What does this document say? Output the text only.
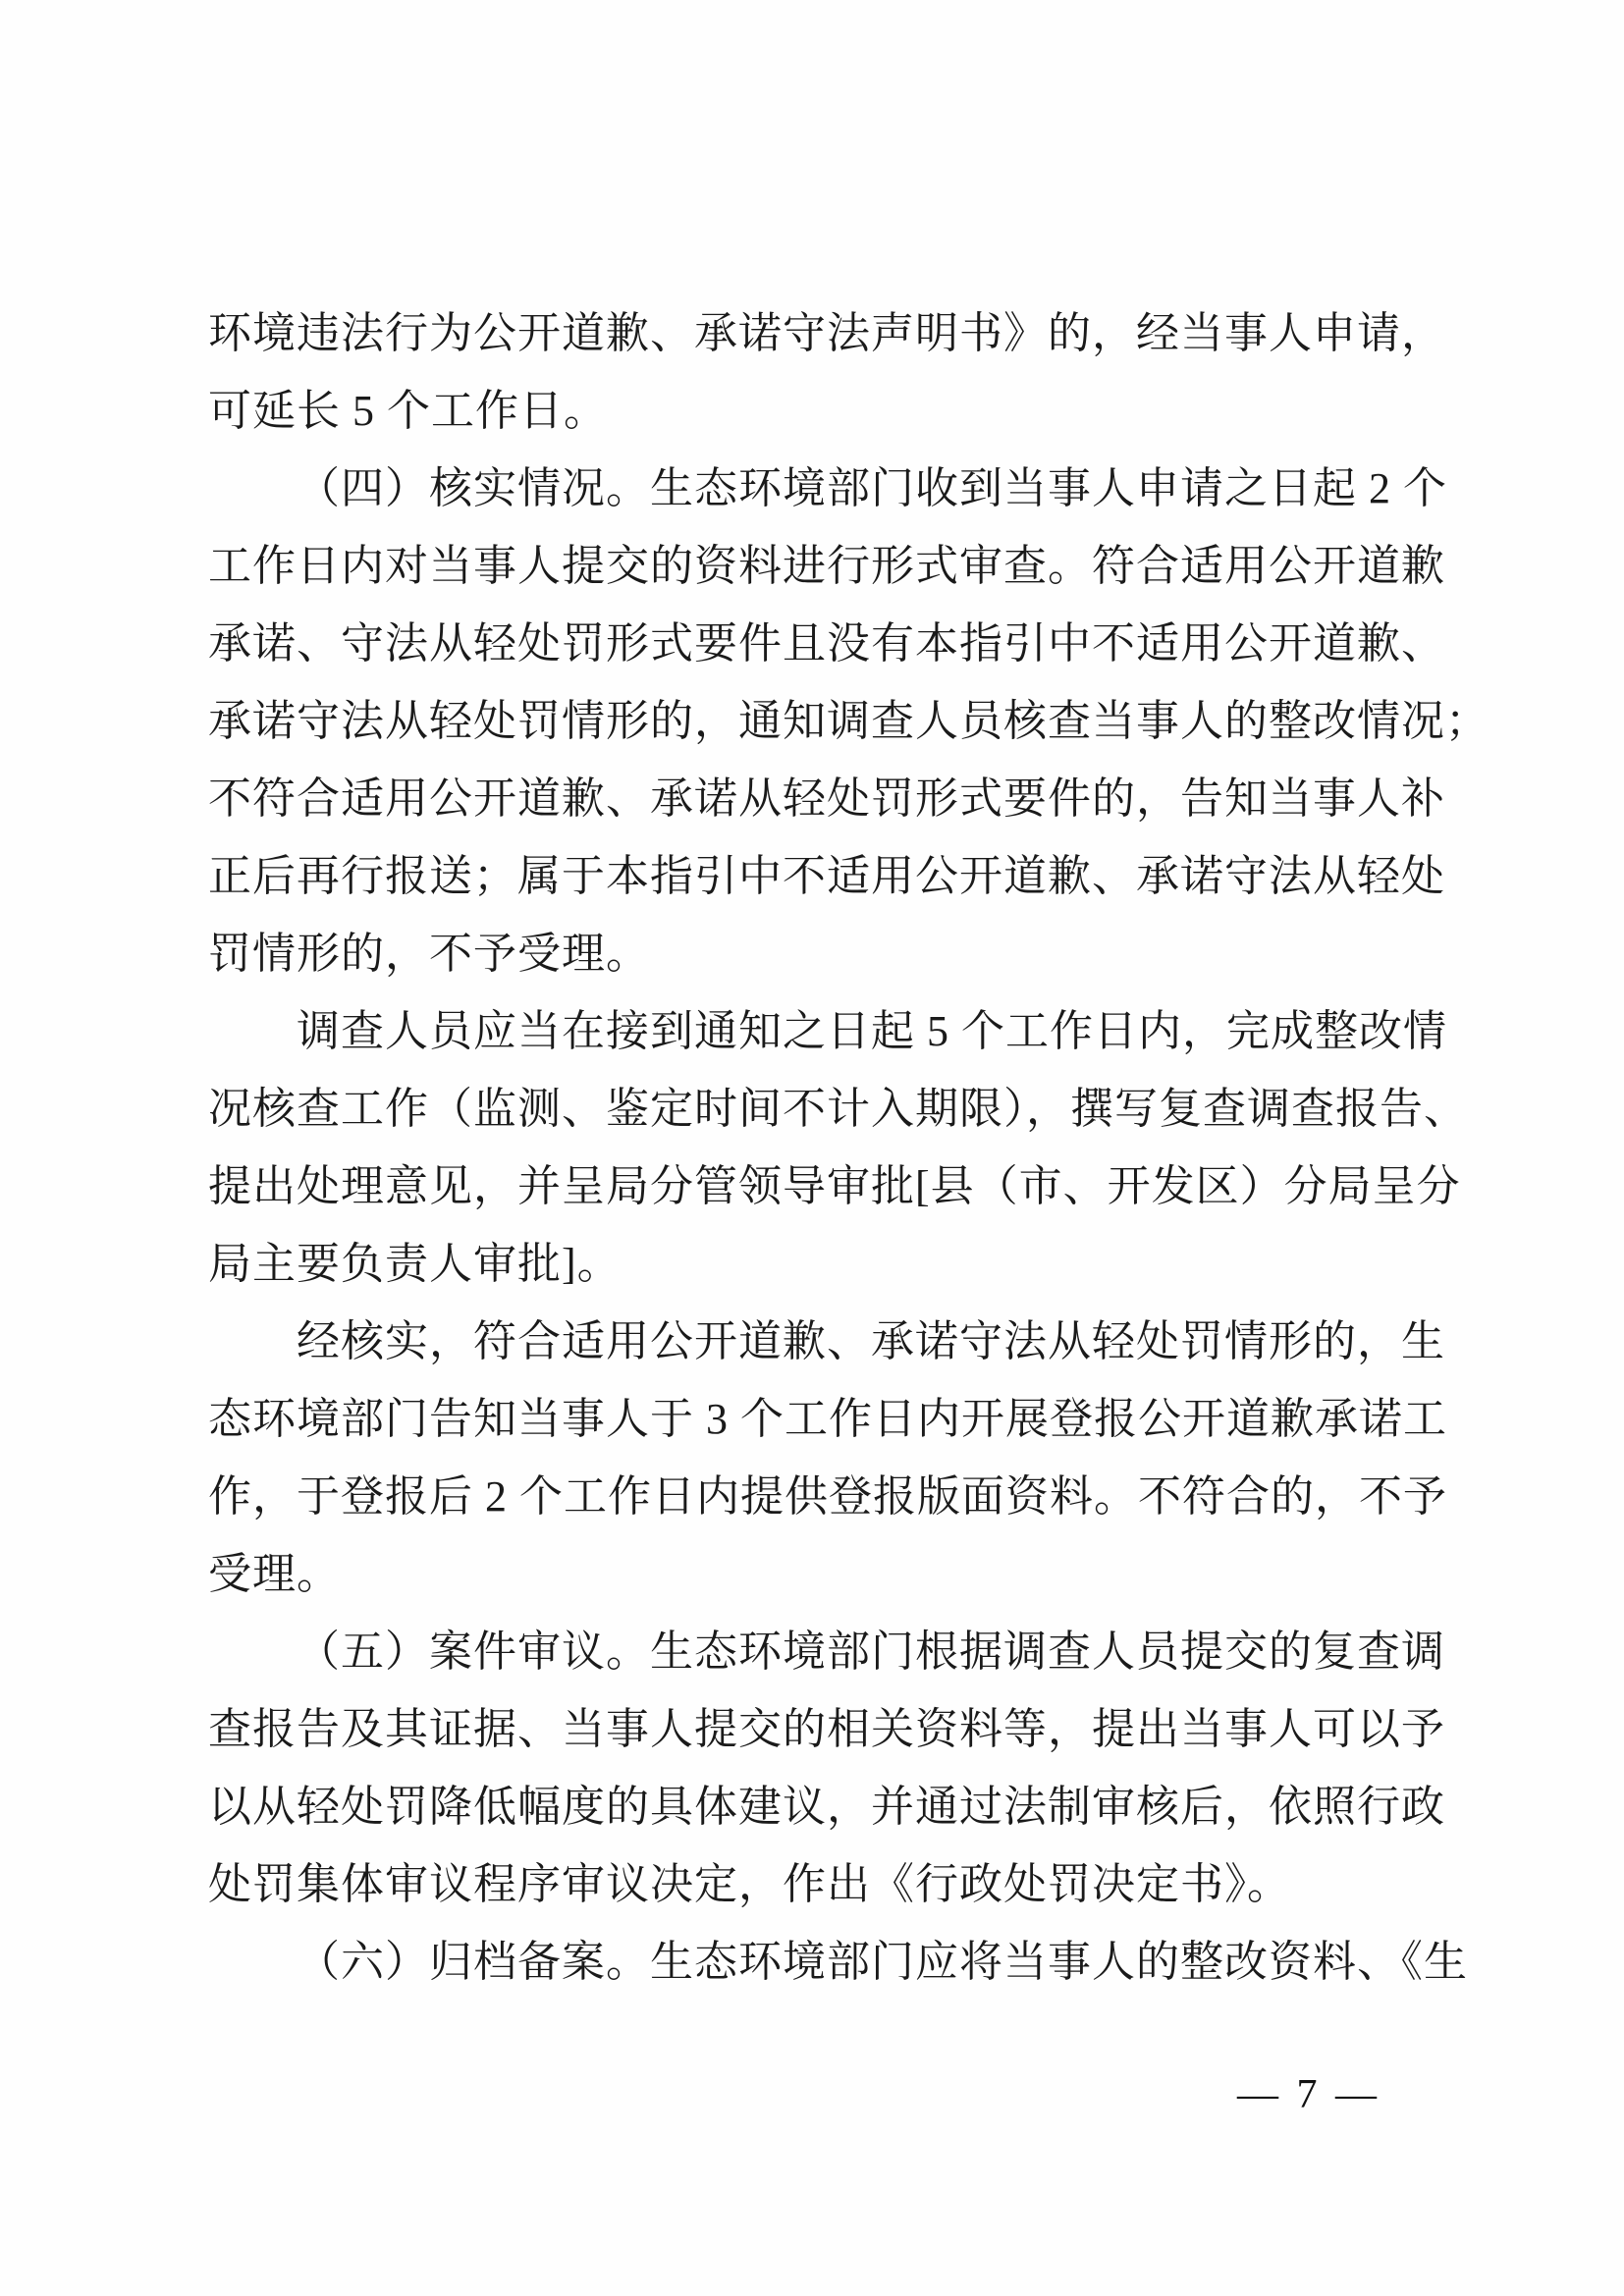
环境违法行为公开道歉、承诺守法声明书》的，经当事人申请，
可延长 5 个工作日。
（四）核实情况。生态环境部门收到当事人申请之日起 2 个
工作日内对当事人提交的资料进行形式审查。符合适用公开道歉
承诺、守法从轻处罚形式要件且没有本指引中不适用公开道歉、
承诺守法从轻处罚情形的，通知调查人员核查当事人的整改情况；
不符合适用公开道歉、承诺从轻处罚形式要件的，告知当事人补
正后再行报送；属于本指引中不适用公开道歉、承诺守法从轻处
罚情形的，不予受理。
调查人员应当在接到通知之日起 5 个工作日内，完成整改情
况核查工作（监测、鉴定时间不计入期限），撰写复查调查报告、
提出处理意见，并呈局分管领导审批[县（市、开发区）分局呈分
局主要负责人审批]。
经核实，符合适用公开道歉、承诺守法从轻处罚情形的，生
态环境部门告知当事人于 3 个工作日内开展登报公开道歉承诺工
作，于登报后 2 个工作日内提供登报版面资料。不符合的，不予
受理。
（五）案件审议。生态环境部门根据调查人员提交的复查调
查报告及其证据、当事人提交的相关资料等，提出当事人可以予
以从轻处罚降低幅度的具体建议，并通过法制审核后，依照行政
处罚集体审议程序审议决定，作出《行政处罚决定书》。
（六）归档备案。生态环境部门应将当事人的整改资料、《生
— 7 —
